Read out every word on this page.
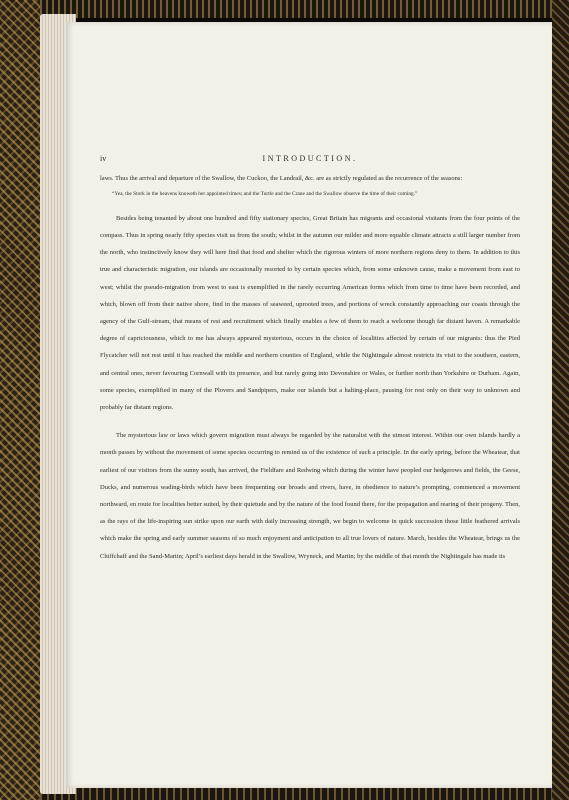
iv	INTRODUCTION.

laws. Thus the arrival and departure of the Swallow, the Cuckoo, the Landrail, &c. are as strictly regulated as the recurrence of the seasons:

“Yea, the Stork in the heavens knoweth her appointed times; and the Turtle and the Crane and the Swallow observe the time of their coming.”

Besides being tenanted by about one hundred and fifty stationary species, Great Britain has migrants and occasional visitants from the four points of the compass. Thus in spring nearly fifty species visit us from the south; whilst in the autumn our milder and more equable climate attracts a still larger number from the north, who instinctively know they will here find that food and shelter which the rigorous winters of more northern regions deny to them. In addition to this true and characteristic migration, our islands are occasionally resorted to by certain species which, from some unknown cause, make a movement from east to west; whilst the pseudo-migration from west to east is exemplified in the rarely occurring American forms which from time to time have been recorded, and which, blown off from their native shore, find in the masses of seaweed, uprooted trees, and portions of wreck constantly approaching our coasts through the agency of the Gulf-stream, that means of rest and recruitment which finally enables a few of them to reach a welcome though far distant haven. A remarkable degree of capriciousness, which to me has always appeared mysterious, occurs in the choice of localities affected by certain of our migrants: thus the Pied Flycatcher will not rest until it has reached the middle and northern counties of England, while the Nightingale almost restricts its visit to the southern, eastern, and central ones, never favouring Cornwall with its presence, and but rarely going into Devonshire or Wales, or further north than Yorkshire or Durham. Again, some species, exemplified in many of the Plovers and Sandpipers, make our islands but a halting-place, pausing for rest only on their way to unknown and probably far distant regions.

The mysterious law or laws which govern migration must always be regarded by the naturalist with the utmost interest. Within our own islands hardly a month passes by without the movement of some species occurring to remind us of the existence of such a principle. In the early spring, before the Wheatear, that earliest of our visitors from the sunny south, has arrived, the Fieldfare and Redwing which during the winter have peopled our hedgerows and fields, the Geese, Ducks, and numerous wading-birds which have been frequenting our broads and rivers, have, in obedience to nature’s prompting, commenced a movement northward, en route for localities better suited, by their quietude and by the nature of the food found there, for the propagation and rearing of their progeny. Then, as the rays of the life-inspiring sun strike upon our earth with daily increasing strength, we begin to welcome in quick succession those little feathered arrivals which make the spring and early summer seasons of so much enjoyment and anticipation to all true lovers of nature. March, besides the Wheatear, brings us the Chiffchaff and the Sand-Martin; April’s earliest days herald in the Swallow, Wryneck, and Martin; by the middle of that month the Nightingale has made its
